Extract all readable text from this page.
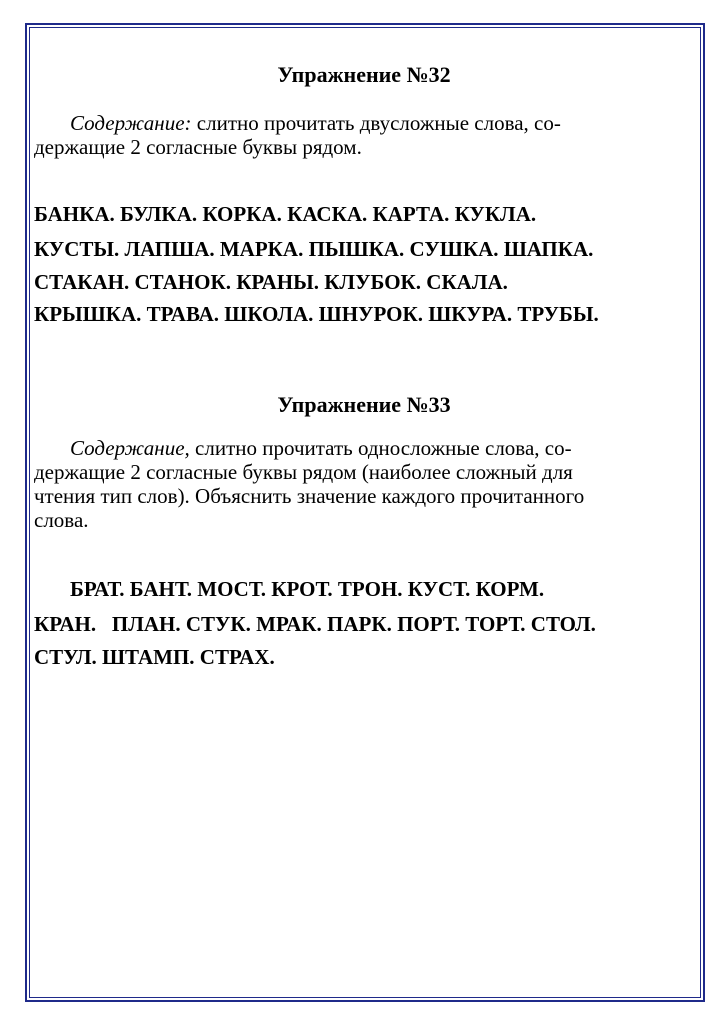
Упражнение №32
Содержание: слитно прочитать двусложные слова, со-
держащие 2 согласные буквы рядом.
БАНКА. БУЛКА. КОРКА. КАСКА. КАРТА. КУКЛА.
КУСТЫ. ЛАПША. МАРКА. ПЫШКА. СУШКА. ШАПКА.
СТАКАН. СТАНОК. КРАНЫ. КЛУБОК. СКАЛА.
КРЫШКА. ТРАВА. ШКОЛА. ШНУРОК. ШКУРА. ТРУБЫ.
Упражнение №33
Содержание, слитно прочитать односложные слова, со-
держащие 2 согласные буквы рядом (наиболее сложный для
чтения тип слов). Объяснить значение каждого прочитанного
слова.
БРАТ. БАНТ. МОСТ. КРОТ. ТРОН. КУСТ. КОРМ.
КРАН.   ПЛАН. СТУК. МРАК. ПАРК. ПОРТ. ТОРТ. СТОЛ.
СТУЛ. ШТАМП. СТРАХ.
